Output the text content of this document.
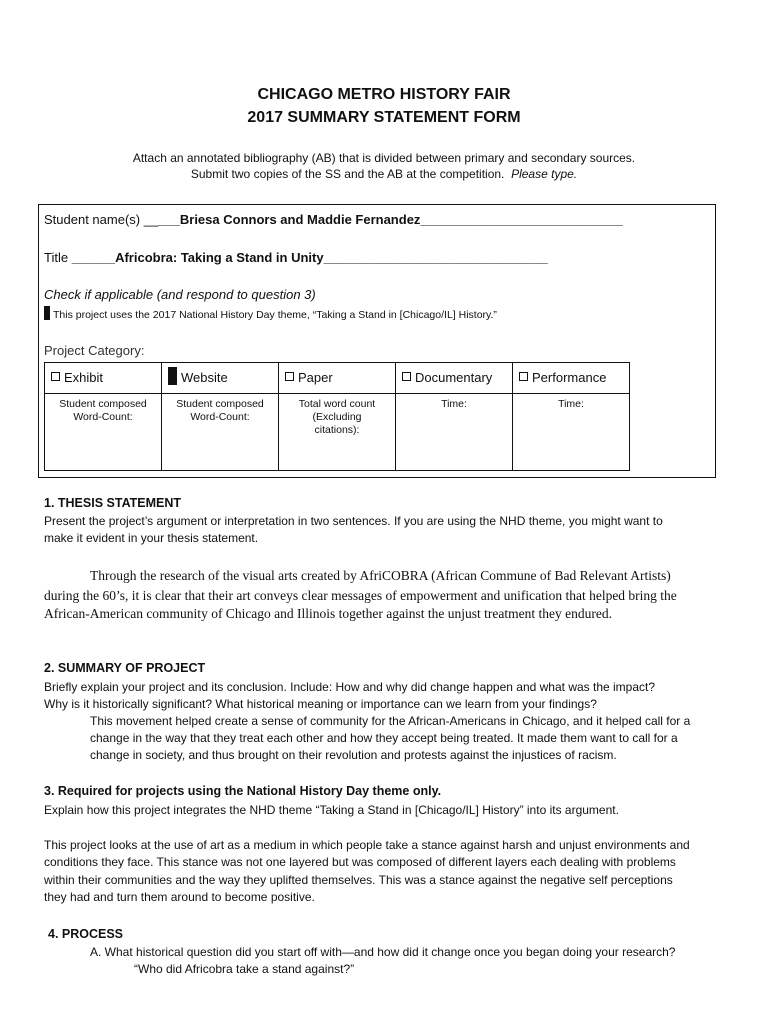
CHICAGO METRO HISTORY FAIR
2017 SUMMARY STATEMENT FORM
Attach an annotated bibliography (AB) that is divided between primary and secondary sources.
Submit two copies of the SS and the AB at the competition. Please type.
Student name(s) _____Briesa Connors and Maddie Fernandez____________________________
Title ______Africobra: Taking a Stand in Unity_______________________________
Check if applicable (and respond to question 3)
This project uses the 2017 National History Day theme, “Taking a Stand in [Chicago/IL] History.”
Project Category:
Exhibit	Website	Paper	Documentary	Performance
Student composed
Word-Count:	Student composed
Word-Count:	Total word count
(Excluding
citations):	Time:	Time:
1. THESIS STATEMENT
Present the project’s argument or interpretation in two sentences. If you are using the NHD theme, you might want to
make it evident in your thesis statement.
Through the research of the visual arts created by AfriCOBRA (African Commune of Bad Relevant Artists)
during the 60’s, it is clear that their art conveys clear messages of empowerment and unification that helped bring the
African-American community of Chicago and Illinois together against the unjust treatment they endured.
2. SUMMARY OF PROJECT
Briefly explain your project and its conclusion. Include: How and why did change happen and what was the impact?
Why is it historically significant? What historical meaning or importance can we learn from your findings?
This movement helped create a sense of community for the African-Americans in Chicago, and it helped call for a
change in the way that they treat each other and how they accept being treated. It made them want to call for a
change in society, and thus brought on their revolution and protests against the injustices of racism.
3. Required for projects using the National History Day theme only.
Explain how this project integrates the NHD theme “Taking a Stand in [Chicago/IL] History” into its argument.
This project looks at the use of art as a medium in which people take a stance against harsh and unjust environments and
conditions they face. This stance was not one layered but was composed of different layers each dealing with problems
within their communities and the way they uplifted themselves. This was a stance against the negative self perceptions
they had and turn them around to become positive.
4. PROCESS
A. What historical question did you start off with—and how did it change once you began doing your research?
“Who did Africobra take a stand against?”
